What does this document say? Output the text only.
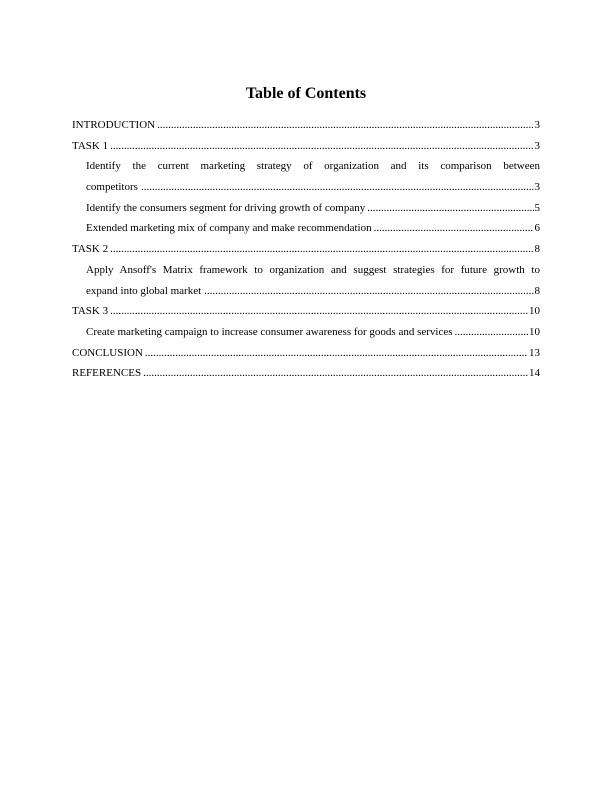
Table of Contents
INTRODUCTION .....	3
TASK 1 .....	3
Identify the current marketing strategy of organization and its comparison between
competitors .....	3
Identify the consumers segment for driving growth of company .....	5
Extended marketing mix of company and make recommendation .....	6
TASK 2 .....	8
Apply Ansoff's Matrix framework to organization and suggest strategies for future growth to
expand into global market .....	8
TASK 3 .....	10
Create marketing campaign to increase consumer awareness for goods and services .....	10
CONCLUSION .....	13
REFERENCES .....	14
